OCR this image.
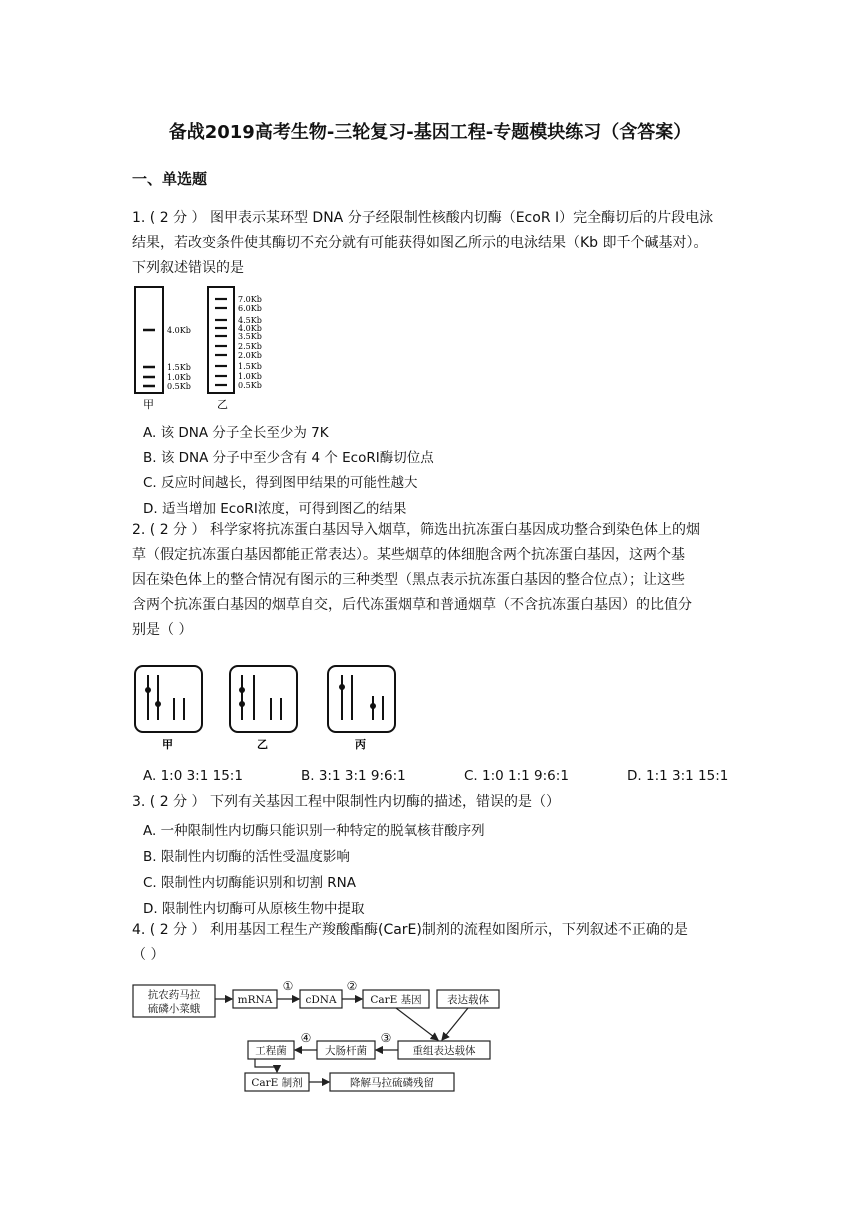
备战2019高考生物-三轮复习-基因工程-专题模块练习（含答案）
一、单选题
1. ( 2 分 ） 图甲表示某环型 DNA 分子经限制性核酸内切酶（EcoR Ⅰ）完全酶切后的片段电泳
结果，若改变条件使其酶切不充分就有可能获得如图乙所示的电泳结果（Kb 即千个碱基对）。
下列叙述错误的是
4.0Kb
1.5Kb
1.0Kb
0.5Kb
甲
7.0Kb
6.0Kb
4.5Kb
4.0Kb
3.5Kb
2.5Kb
2.0Kb
1.5Kb
1.0Kb
0.5Kb
乙
A. 该 DNA 分子全长至少为 7K
B. 该 DNA 分子中至少含有 4 个 EcoRⅠ酶切位点
C. 反应时间越长，得到图甲结果的可能性越大
D. 适当增加 EcoRⅠ浓度，可得到图乙的结果
2. ( 2 分 ） 科学家将抗冻蛋白基因导入烟草，筛选出抗冻蛋白基因成功整合到染色体上的烟
草（假定抗冻蛋白基因都能正常表达）。某些烟草的体细胞含两个抗冻蛋白基因，这两个基
因在染色体上的整合情况有图示的三种类型（黑点表示抗冻蛋白基因的整合位点）；让这些
含两个抗冻蛋白基因的烟草自交，后代冻蛋烟草和普通烟草（不含抗冻蛋白基因）的比值分
别是（ ）
甲	乙	丙
A. 1:0 3:1 15:1	B. 3:1 3:1 9:6:1	C. 1:0 1:1 9:6:1	D. 1:1 3:1 15:1
3. ( 2 分 ） 下列有关基因工程中限制性内切酶的描述，错误的是（）
A. 一种限制性内切酶只能识别一种特定的脱氧核苷酸序列
B. 限制性内切酶的活性受温度影响
C. 限制性内切酶能识别和切割 RNA
D. 限制性内切酶可从原核生物中提取
4. ( 2 分 ） 利用基因工程生产羧酸酯酶(CarE)制剂的流程如图所示，下列叙述不正确的是
（ ）
抗农药马拉
硫磷小菜蛾
mRNA	cDNA	CarE 基因 表达载体
重组表达载体
大肠杆菌
工程菌
CarE 制剂	降解马拉硫磷残留
①	②
③
④
